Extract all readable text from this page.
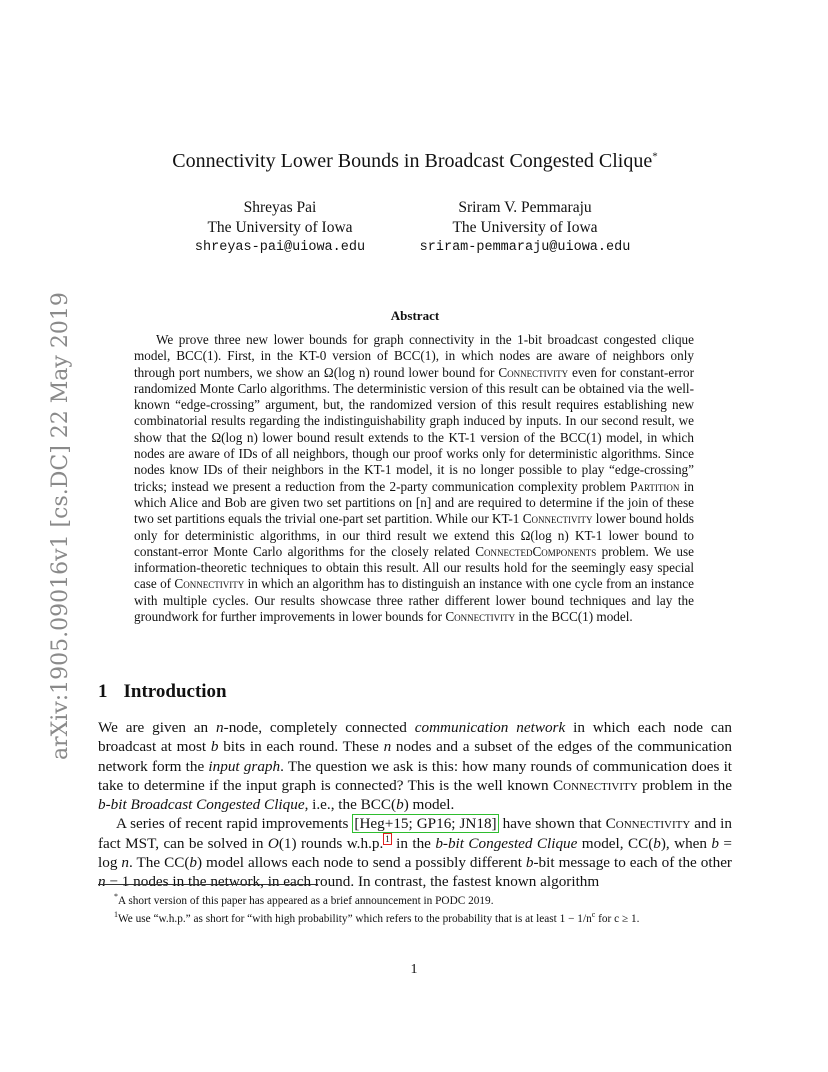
arXiv:1905.09016v1 [cs.DC] 22 May 2019
Connectivity Lower Bounds in Broadcast Congested Clique*
Shreyas Pai
The University of Iowa
shreyas-pai@uiowa.edu
Sriram V. Pemmaraju
The University of Iowa
sriram-pemmaraju@uiowa.edu
Abstract

We prove three new lower bounds for graph connectivity in the 1-bit broadcast congested clique model, BCC(1). First, in the KT-0 version of BCC(1), in which nodes are aware of neighbors only through port numbers, we show an Ω(log n) round lower bound for Connectivity even for constant-error randomized Monte Carlo algorithms. The deterministic version of this result can be obtained via the well-known “edge-crossing” argument, but, the randomized version of this result requires establishing new combinatorial results regarding the indistinguishability graph induced by inputs. In our second result, we show that the Ω(log n) lower bound result extends to the KT-1 version of the BCC(1) model, in which nodes are aware of IDs of all neighbors, though our proof works only for deterministic algorithms. Since nodes know IDs of their neighbors in the KT-1 model, it is no longer possible to play “edge-crossing” tricks; instead we present a reduction from the 2-party communication complexity problem Partition in which Alice and Bob are given two set partitions on [n] and are required to determine if the join of these two set partitions equals the trivial one-part set partition. While our KT-1 Connectivity lower bound holds only for deterministic algorithms, in our third result we extend this Ω(log n) KT-1 lower bound to constant-error Monte Carlo algorithms for the closely related ConnectedComponents problem. We use information-theoretic techniques to obtain this result. All our results hold for the seemingly easy special case of Connectivity in which an algorithm has to distinguish an instance with one cycle from an instance with multiple cycles. Our results showcase three rather different lower bound techniques and lay the groundwork for further improvements in lower bounds for Connectivity in the BCC(1) model.

1 Introduction

We are given an n-node, completely connected communication network in which each node can broadcast at most b bits in each round. These n nodes and a subset of the edges of the communication network form the input graph. The question we ask is this: how many rounds of communication does it take to determine if the input graph is connected? This is the well known Connectivity problem in the b-bit Broadcast Congested Clique, i.e., the BCC(b) model.

A series of recent rapid improvements [Heg+15; GP16; JN18] have shown that Connectivity and in fact MST, can be solved in O(1) rounds w.h.p. $^1$ in the b-bit Congested Clique model, CC(b), when b = log n. The CC(b) model allows each node to send a possibly different b-bit message to each of the other n − 1 nodes in the network, in each round. In contrast, the fastest known algorithm

*A short version of this paper has appeared as a brief announcement in PODC 2019.
$^1$We use “w.h.p.” as short for “with high probability” which refers to the probability that is at least $1 - 1/n^c$ for c ≥ 1.
1
